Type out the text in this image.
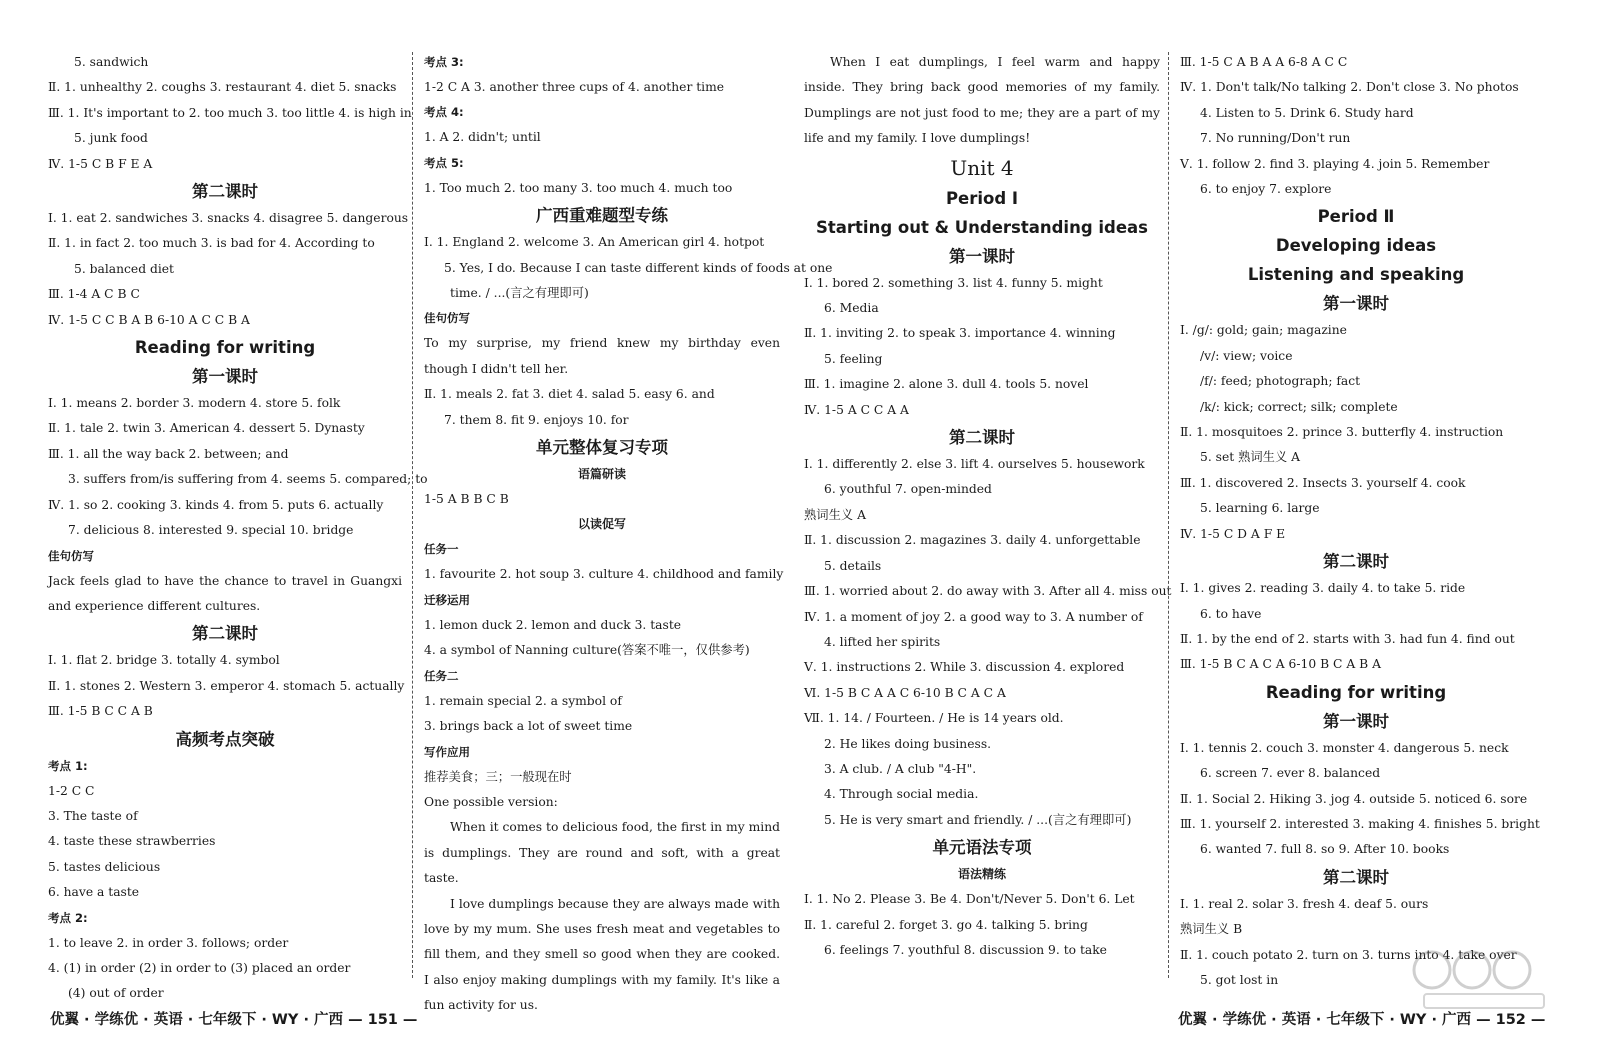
5. sandwich
Ⅱ. 1. unhealthy 2. coughs 3. restaurant 4. diet 5. snacks
Ⅲ. 1. It's important to 2. too much 3. too little 4. is high in
5. junk food
Ⅳ. 1-5 C B F E A
第二课时
Ⅰ. 1. eat 2. sandwiches 3. snacks 4. disagree 5. dangerous
Ⅱ. 1. in fact 2. too much 3. is bad for 4. According to
5. balanced diet
Ⅲ. 1-4 A C B C
Ⅳ. 1-5 C C B A B 6-10 A C C B A
Reading for writing
第一课时
Ⅰ. 1. means 2. border 3. modern 4. store 5. folk
Ⅱ. 1. tale 2. twin 3. American 4. dessert 5. Dynasty
Ⅲ. 1. all the way back 2. between; and
3. suffers from/is suffering from 4. seems 5. compared; to
Ⅳ. 1. so 2. cooking 3. kinds 4. from 5. puts 6. actually
7. delicious 8. interested 9. special 10. bridge
佳句仿写
Jack feels glad to have the chance to travel in Guangxi and experience different cultures.
第二课时
Ⅰ. 1. flat 2. bridge 3. totally 4. symbol
Ⅱ. 1. stones 2. Western 3. emperor 4. stomach 5. actually
Ⅲ. 1-5 B C C A B
高频考点突破
考点 1:
1-2 C C
3. The taste of
4. taste these strawberries
5. tastes delicious
6. have a taste
考点 2:
1. to leave 2. in order 3. follows; order
4. (1) in order (2) in order to (3) placed an order
(4) out of order
考点 3:
1-2 C A 3. another three cups of 4. another time
考点 4:
1. A 2. didn't; until
考点 5:
1. Too much 2. too many 3. too much 4. much too
广西重难题型专练
Ⅰ. 1. England 2. welcome 3. An American girl 4. hotpot
5. Yes, I do. Because I can taste different kinds of foods at one
time. / ...(言之有理即可)
佳句仿写
To my surprise, my friend knew my birthday even though I didn't tell her.
Ⅱ. 1. meals 2. fat 3. diet 4. salad 5. easy 6. and
7. them 8. fit 9. enjoys 10. for
单元整体复习专项
语篇研读
1-5 A B B C B
以读促写
任务一
1. favourite 2. hot soup 3. culture 4. childhood and family
迁移运用
1. lemon duck 2. lemon and duck 3. taste
4. a symbol of Nanning culture(答案不唯一，仅供参考)
任务二
1. remain special 2. a symbol of
3. brings back a lot of sweet time
写作应用
推荐美食；三；一般现在时
One possible version:
When it comes to delicious food, the first in my mind is dumplings. They are round and soft, with a great taste.
I love dumplings because they are always made with love by my mum. She uses fresh meat and vegetables to fill them, and they smell so good when they are cooked. I also enjoy making dumplings with my family. It's like a fun activity for us.
优翼 · 学练优 · 英语 · 七年级下 · WY · 广西 — 151 —
When I eat dumplings, I feel warm and happy inside. They bring back good memories of my family. Dumplings are not just food to me; they are a part of my life and my family. I love dumplings!
Unit 4
Period Ⅰ
Starting out & Understanding ideas
第一课时
Ⅰ. 1. bored 2. something 3. list 4. funny 5. might
6. Media
Ⅱ. 1. inviting 2. to speak 3. importance 4. winning
5. feeling
Ⅲ. 1. imagine 2. alone 3. dull 4. tools 5. novel
Ⅳ. 1-5 A C C A A
第二课时
Ⅰ. 1. differently 2. else 3. lift 4. ourselves 5. housework
6. youthful 7. open-minded
熟词生义 A
Ⅱ. 1. discussion 2. magazines 3. daily 4. unforgettable
5. details
Ⅲ. 1. worried about 2. do away with 3. After all 4. miss out
Ⅳ. 1. a moment of joy 2. a good way to 3. A number of
4. lifted her spirits
Ⅴ. 1. instructions 2. While 3. discussion 4. explored
Ⅵ. 1-5 B C A A C 6-10 B C A C A
Ⅶ. 1. 14. / Fourteen. / He is 14 years old.
2. He likes doing business.
3. A club. / A club "4-H".
4. Through social media.
5. He is very smart and friendly. / ...(言之有理即可)
单元语法专项
语法精练
Ⅰ. 1. No 2. Please 3. Be 4. Don't/Never 5. Don't 6. Let
Ⅱ. 1. careful 2. forget 3. go 4. talking 5. bring
6. feelings 7. youthful 8. discussion 9. to take
Ⅲ. 1-5 C A B A A 6-8 A C C
Ⅳ. 1. Don't talk/No talking 2. Don't close 3. No photos
4. Listen to 5. Drink 6. Study hard
7. No running/Don't run
Ⅴ. 1. follow 2. find 3. playing 4. join 5. Remember
6. to enjoy 7. explore
Period Ⅱ
Developing ideas
Listening and speaking
第一课时
Ⅰ. /g/: gold; gain; magazine
/v/: view; voice
/f/: feed; photograph; fact
/k/: kick; correct; silk; complete
Ⅱ. 1. mosquitoes 2. prince 3. butterfly 4. instruction
5. set 熟词生义 A
Ⅲ. 1. discovered 2. Insects 3. yourself 4. cook
5. learning 6. large
Ⅳ. 1-5 C D A F E
第二课时
Ⅰ. 1. gives 2. reading 3. daily 4. to take 5. ride
6. to have
Ⅱ. 1. by the end of 2. starts with 3. had fun 4. find out
Ⅲ. 1-5 B C A C A 6-10 B C A B A
Reading for writing
第一课时
Ⅰ. 1. tennis 2. couch 3. monster 4. dangerous 5. neck
6. screen 7. ever 8. balanced
Ⅱ. 1. Social 2. Hiking 3. jog 4. outside 5. noticed 6. sore
Ⅲ. 1. yourself 2. interested 3. making 4. finishes 5. bright
6. wanted 7. full 8. so 9. After 10. books
第二课时
Ⅰ. 1. real 2. solar 3. fresh 4. deaf 5. ours
熟词生义 B
Ⅱ. 1. couch potato 2. turn on 3. turns into 4. take over
5. got lost in
优翼 · 学练优 · 英语 · 七年级下 · WY · 广西 — 152 —
